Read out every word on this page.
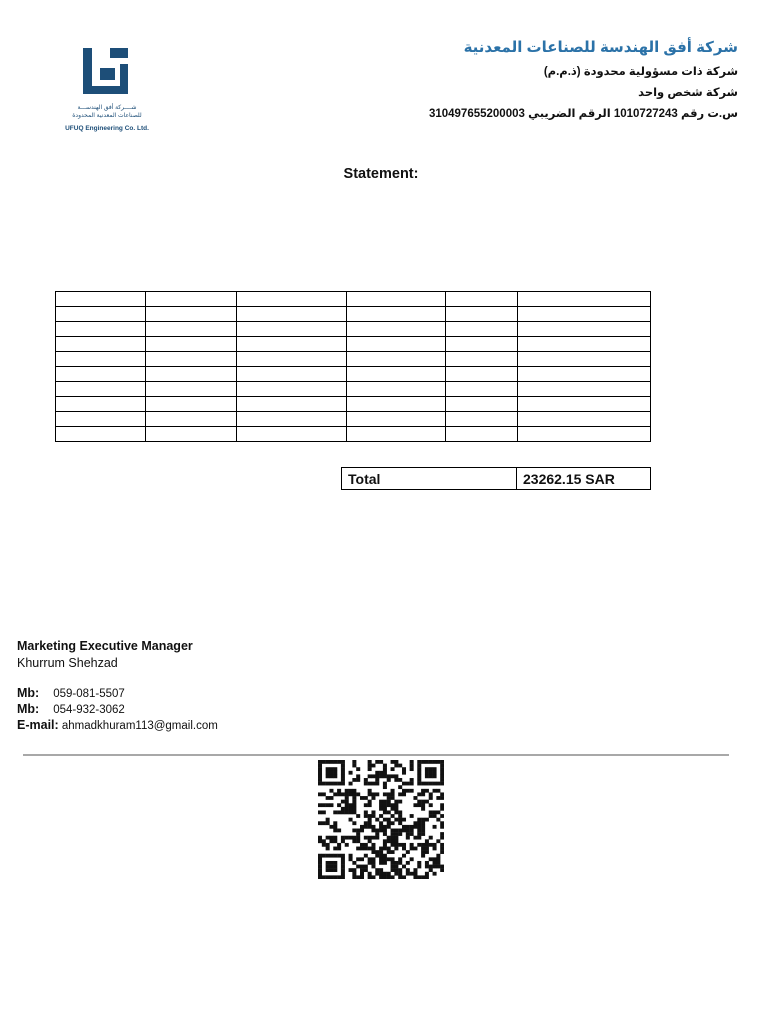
شــــركة أفق الهندســـة
للصناعات المعدنية المحدودة
UFUQ Engineering Co. Ltd.
شركة أفق الهندسة للصناعات المعدنية
شركة ذات مسؤولية محدودة (ذ.م.م)
شركة شخص واحد
س.ت رقم 1010727243 الرقم الضريبي 310497655200003
Statement:

Total	23262.15 SAR
Marketing Executive Manager
Khurrum Shehzad
Mb: 059-081-5507
Mb: 054-932-3062
E-mail: ahmadkhuram113@gmail.com
